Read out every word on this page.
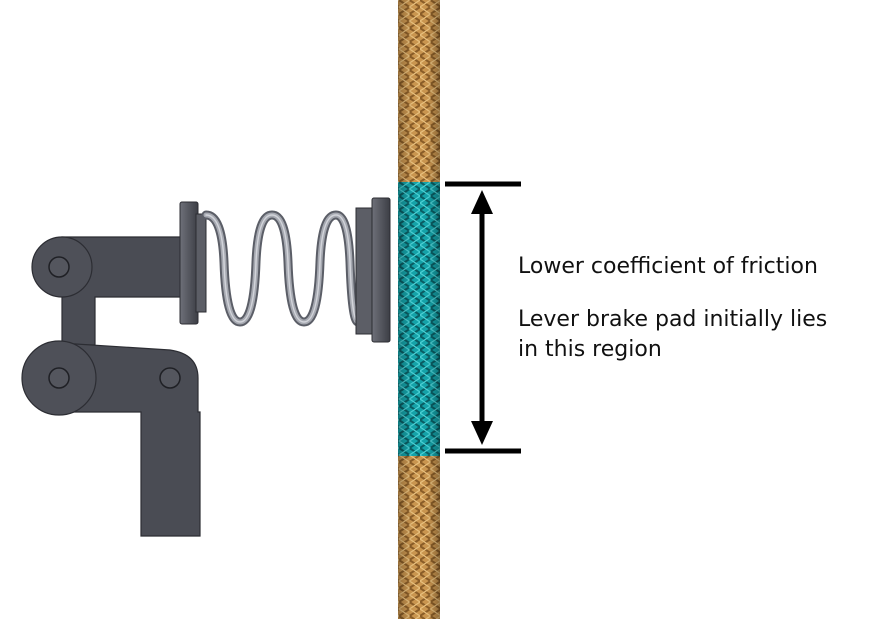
Lower coefficient of friction
Lever brake pad initially lies
in this region
